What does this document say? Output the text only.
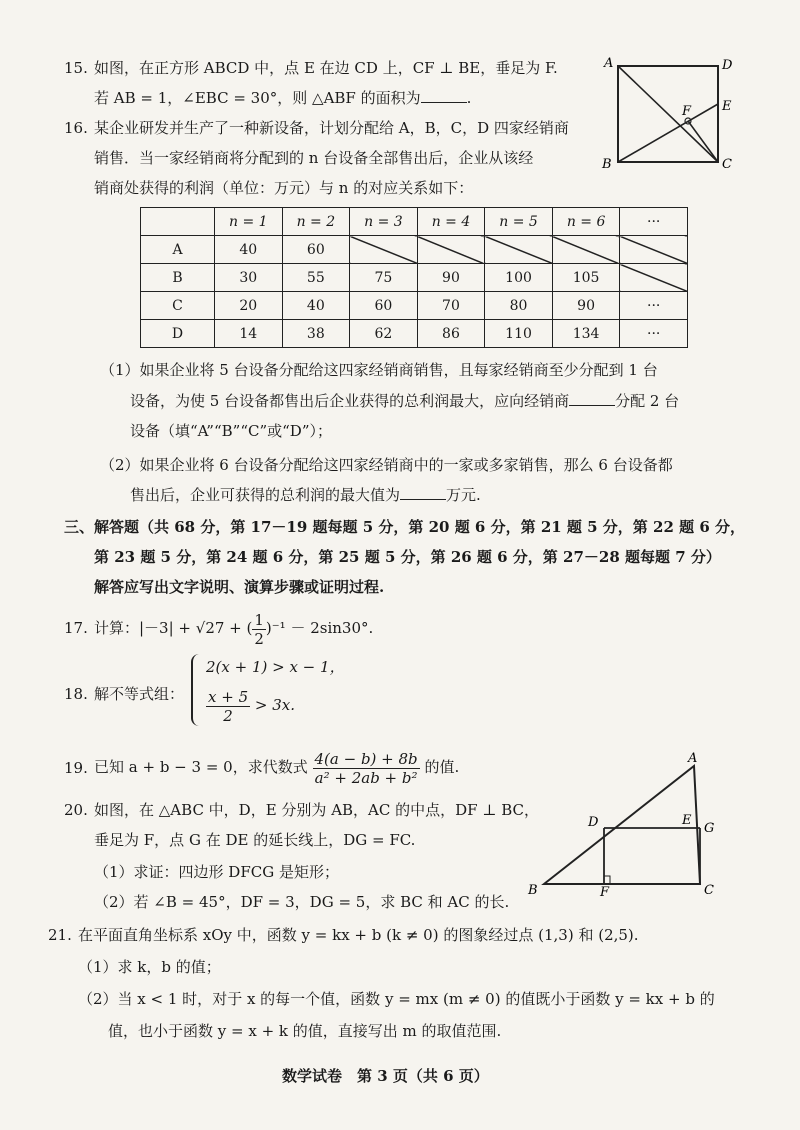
15. 如图，在正方形 ABCD 中，点 E 在边 CD 上，CF ⊥ BE，垂足为 F.
若 AB = 1，∠EBC = 30°，则 △ABF 的面积为	.
A	D
E
F
B	C
16. 某企业研发并生产了一种新设备，计划分配给 A，B，C，D 四家经销商
销售．当一家经销商将分配到的 n 台设备全部售出后，企业从该经
销商处获得的利润（单位：万元）与 n 的对应关系如下：
	n = 1	n = 2	n = 3	n = 4	n = 5	n = 6	···
A	40	60					
B	30	55	75	90	100	105	
C	20	40	60	70	80	90	···
D	14	38	62	86	110	134	···
（1）如果企业将 5 台设备分配给这四家经销商销售，且每家经销商至少分配到 1 台
设备，为使 5 台设备都售出后企业获得的总利润最大，应向经销商	分配 2 台
设备（填“A”“B”“C”或“D”）；
（2）如果企业将 6 台设备分配给这四家经销商中的一家或多家销售，那么 6 台设备都
售出后，企业可获得的总利润的最大值为	万元.
三、解答题（共 68 分，第 17－19 题每题 5 分，第 20 题 6 分，第 21 题 5 分，第 22 题 6 分，
第 23 题 5 分，第 24 题 6 分，第 25 题 5 分，第 26 题 6 分，第 27－28 题每题 7 分）
解答应写出文字说明、演算步骤或证明过程.
17. 计算：|－3| + √27 + ( $\frac{1}{2} )^{-1} - 2\sin 30^\circ$.
18. 解不等式组：
2(x + 1) > x − 1，
$\frac{x + 5}{2} > 3x$.
19. 已知 a + b − 3 = 0，求代数式 $\frac{4(a - b) + 8b}{\text{a² + 2ab + b²}}$ 的值.
20. 如图，在 △ABC 中，D，E 分别为 AB，AC 的中点，DF ⊥ BC，
垂足为 F，点 G 在 DE 的延长线上，DG = FC.
（1）求证：四边形 DFCG 是矩形；
（2）若 ∠B = 45°，DF = 3，DG = 5，求 BC 和 AC 的长.
A
D	E
G
B	F	C
21. 在平面直角坐标系 xOy 中，函数 y = kx + b (k ≠ 0) 的图象经过点 (1,3) 和 (2,5).
（1）求 k，b 的值；
（2）当 x < 1 时，对于 x 的每一个值，函数 y = mx (m ≠ 0) 的值既小于函数 y = kx + b 的
值，也小于函数 y = x + k 的值，直接写出 m 的取值范围.
数学试卷　第 3 页（共 6 页）
